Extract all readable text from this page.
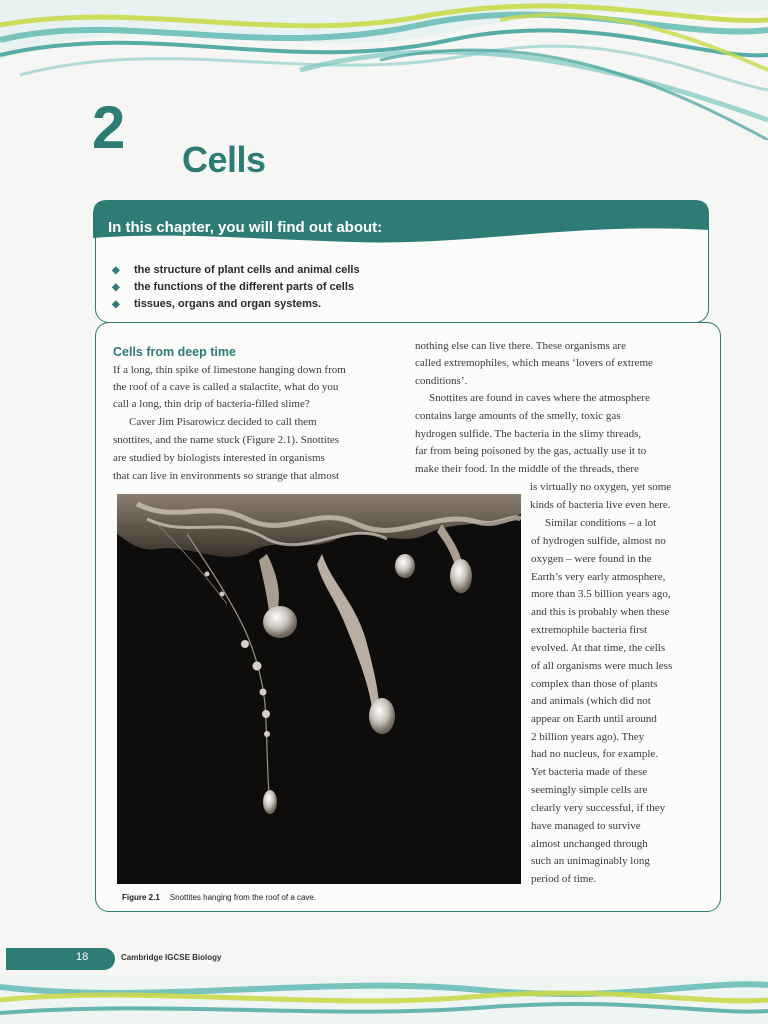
2 Cells
In this chapter, you will find out about:
◆	the structure of plant cells and animal cells
◆	the functions of the different parts of cells
◆	tissues, organs and organ systems.
Cells from deep time
If a long, thin spike of limestone hanging down from
the roof of a cave is called a stalactite, what do you
call a long, thin drip of bacteria-filled slime?
Caver Jim Pisarowicz decided to call them
snottites, and the name stuck (Figure 2.1). Snottites
are studied by biologists interested in organisms
that can live in environments so strange that almost
nothing else can live there. These organisms are
called extremophiles, which means ‘lovers of extreme
conditions’.
Snottites are found in caves where the atmosphere
contains large amounts of the smelly, toxic gas
hydrogen sulfide. The bacteria in the slimy threads,
far from being poisoned by the gas, actually use it to
make their food. In the middle of the threads, there
is virtually no oxygen, yet some
kinds of bacteria live even here.
Similar conditions – a lot
of hydrogen sulfide, almost no
oxygen – were found in the
Earth’s very early atmosphere,
more than 3.5 billion years ago,
and this is probably when these
extremophile bacteria first
evolved. At that time, the cells
of all organisms were much less
complex than those of plants
and animals (which did not
appear on Earth until around
2 billion years ago). They
had no nucleus, for example.
Yet bacteria made of these
seemingly simple cells are
clearly very successful, if they
have managed to survive
almost unchanged through
such an unimaginably long
period of time.
Figure 2.1 Snottites hanging from the roof of a cave.
18	Cambridge IGCSE Biology
